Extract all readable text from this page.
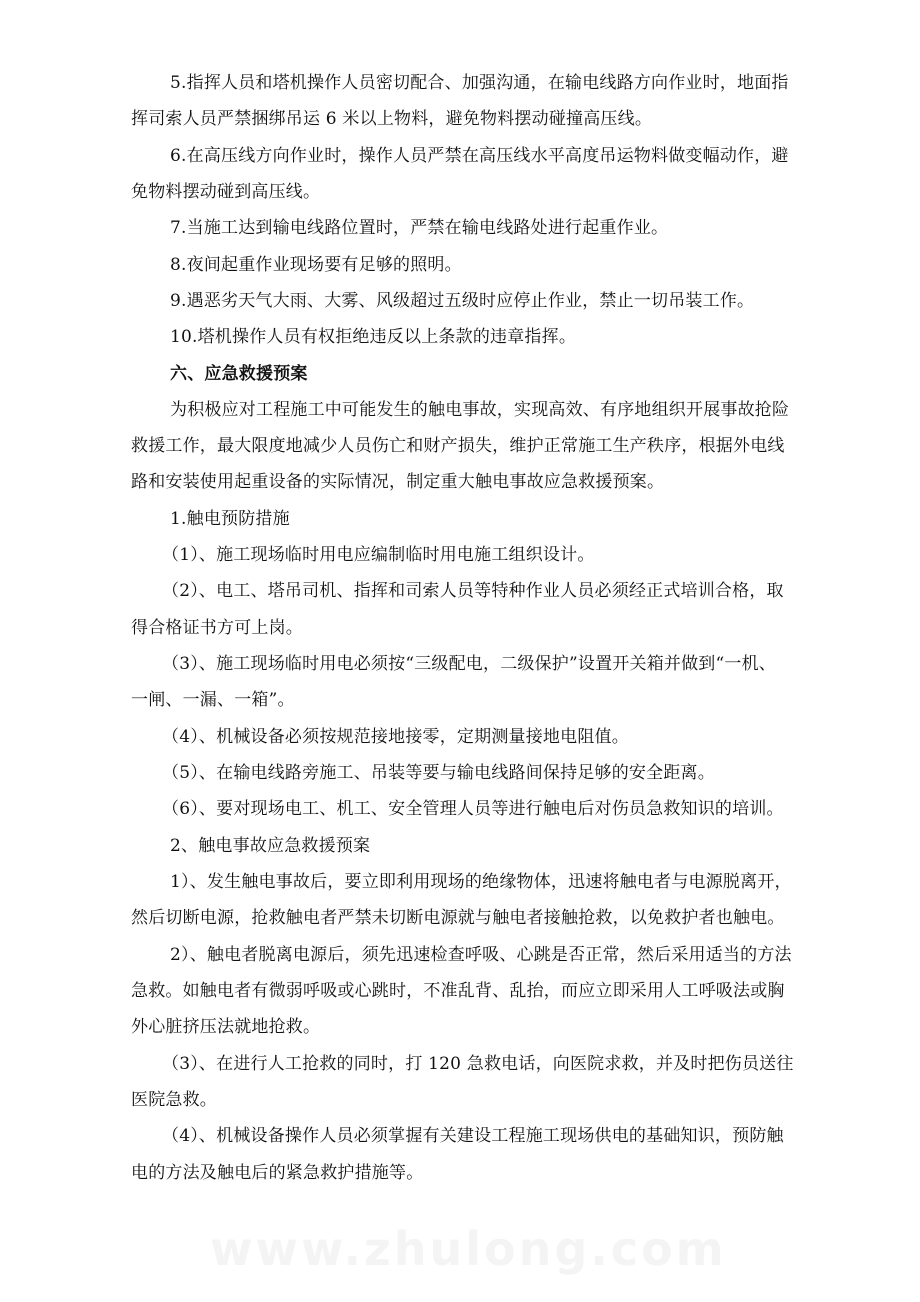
5.指挥人员和塔机操作人员密切配合、加强沟通，在输电线路方向作业时，地面指
挥司索人员严禁捆绑吊运 6 米以上物料，避免物料摆动碰撞高压线。
6.在高压线方向作业时，操作人员严禁在高压线水平高度吊运物料做变幅动作，避
免物料摆动碰到高压线。
7.当施工达到输电线路位置时，严禁在输电线路处进行起重作业。
8.夜间起重作业现场要有足够的照明。
9.遇恶劣天气大雨、大雾、风级超过五级时应停止作业，禁止一切吊装工作。
10.塔机操作人员有权拒绝违反以上条款的违章指挥。
六、应急救援预案
为积极应对工程施工中可能发生的触电事故，实现高效、有序地组织开展事故抢险
救援工作，最大限度地减少人员伤亡和财产损失，维护正常施工生产秩序，根据外电线
路和安装使用起重设备的实际情况，制定重大触电事故应急救援预案。
1.触电预防措施
（1）、施工现场临时用电应编制临时用电施工组织设计。
（2）、电工、塔吊司机、指挥和司索人员等特种作业人员必须经正式培训合格，取
得合格证书方可上岗。
（3）、施工现场临时用电必须按“三级配电，二级保护”设置开关箱并做到“一机、
一闸、一漏、一箱”。
（4）、机械设备必须按规范接地接零，定期测量接地电阻值。
（5）、在输电线路旁施工、吊装等要与输电线路间保持足够的安全距离。
（6）、要对现场电工、机工、安全管理人员等进行触电后对伤员急救知识的培训。
2、触电事故应急救援预案
1）、发生触电事故后，要立即利用现场的绝缘物体，迅速将触电者与电源脱离开，
然后切断电源，抢救触电者严禁未切断电源就与触电者接触抢救，以免救护者也触电。
2）、触电者脱离电源后，须先迅速检查呼吸、心跳是否正常，然后采用适当的方法
急救。如触电者有微弱呼吸或心跳时，不准乱背、乱抬，而应立即采用人工呼吸法或胸
外心脏挤压法就地抢救。
（3）、在进行人工抢救的同时，打 120 急救电话，向医院求救，并及时把伤员送往
医院急救。
（4）、机械设备操作人员必须掌握有关建设工程施工现场供电的基础知识，预防触
电的方法及触电后的紧急救护措施等。
www.zhulong.com
